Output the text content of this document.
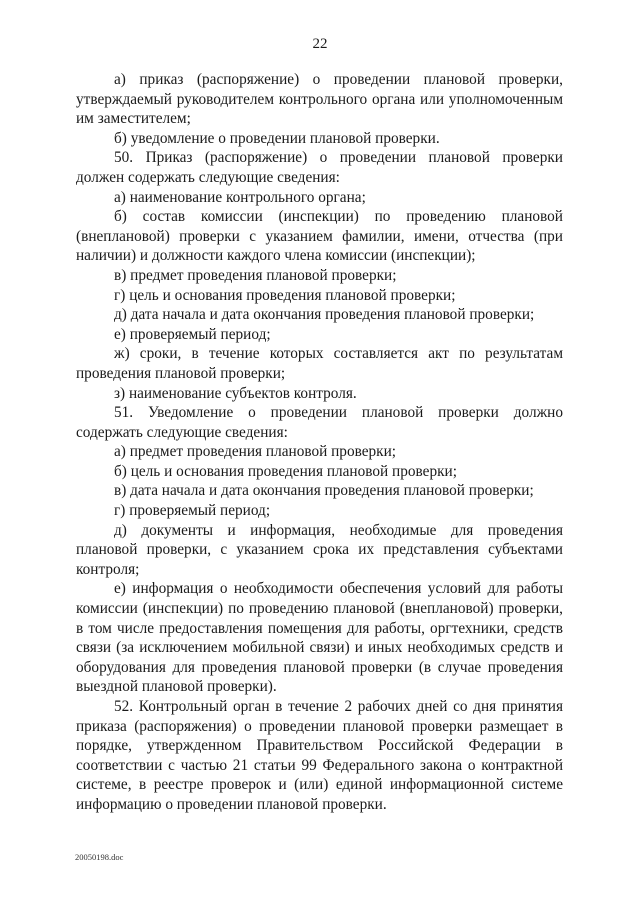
22

а) приказ (распоряжение) о проведении плановой проверки, утверждаемый руководителем контрольного органа или уполномоченным им заместителем;

б) уведомление о проведении плановой проверки.

50. Приказ (распоряжение) о проведении плановой проверки должен содержать следующие сведения:

а) наименование контрольного органа;

б) состав комиссии (инспекции) по проведению плановой (внеплановой) проверки с указанием фамилии, имени, отчества (при наличии) и должности каждого члена комиссии (инспекции);

в) предмет проведения плановой проверки;

г) цель и основания проведения плановой проверки;

д) дата начала и дата окончания проведения плановой проверки;

е) проверяемый период;

ж) сроки, в течение которых составляется акт по результатам проведения плановой проверки;

з) наименование субъектов контроля.

51. Уведомление о проведении плановой проверки должно содержать следующие сведения:

а) предмет проведения плановой проверки;

б) цель и основания проведения плановой проверки;

в) дата начала и дата окончания проведения плановой проверки;

г) проверяемый период;

д) документы и информация, необходимые для проведения плановой проверки, с указанием срока их представления субъектами контроля;

е) информация о необходимости обеспечения условий для работы комиссии (инспекции) по проведению плановой (внеплановой) проверки, в том числе предоставления помещения для работы, оргтехники, средств связи (за исключением мобильной связи) и иных необходимых средств и оборудования для проведения плановой проверки (в случае проведения выездной плановой проверки).

52. Контрольный орган в течение 2 рабочих дней со дня принятия приказа (распоряжения) о проведении плановой проверки размещает в порядке, утвержденном Правительством Российской Федерации в соответствии с частью 21 статьи 99 Федерального закона о контрактной системе, в реестре проверок и (или) единой информационной системе информацию о проведении плановой проверки.

20050198.doc
